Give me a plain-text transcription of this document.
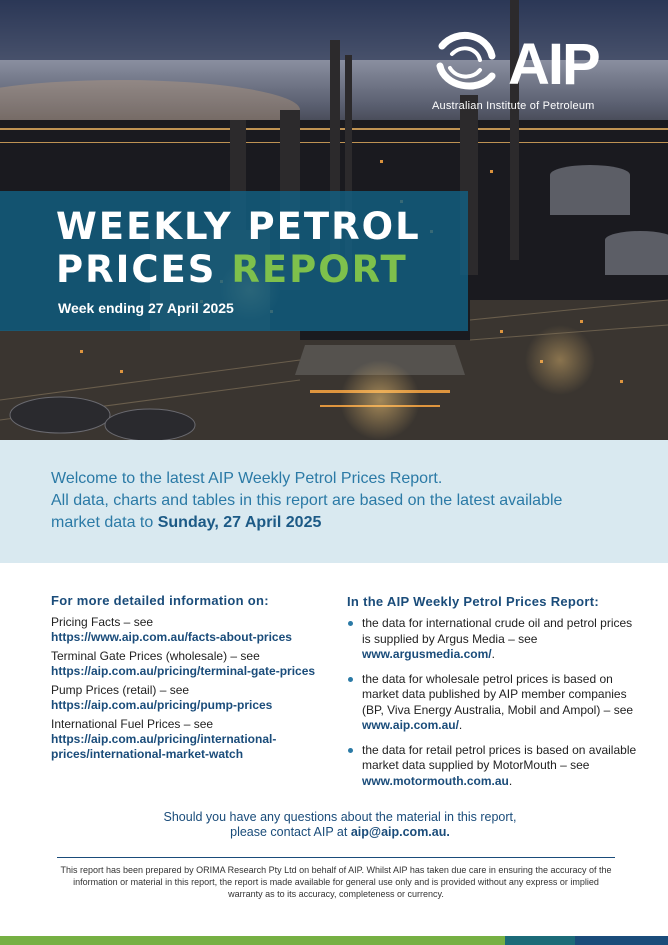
AIP
Australian Institute of Petroleum
WEEKLY PETROL
PRICES REPORT
Week ending 27 April 2025

Welcome to the latest AIP Weekly Petrol Prices Report.
All data, charts and tables in this report are based on the latest available
market data to Sunday, 27 April 2025

For more detailed information on:
Pricing Facts – see
https://www.aip.com.au/facts-about-prices
Terminal Gate Prices (wholesale) – see
https://aip.com.au/pricing/terminal-gate-prices
Pump Prices (retail) – see
https://aip.com.au/pricing/pump-prices
International Fuel Prices – see
https://aip.com.au/pricing/international-prices/international-market-watch
In the AIP Weekly Petrol Prices Report:
the data for international crude oil and petrol prices is supplied by Argus Media – see www.argusmedia.com/.
the data for wholesale petrol prices is based on market data published by AIP member companies (BP, Viva Energy Australia, Mobil and Ampol) – see www.aip.com.au/.
the data for retail petrol prices is based on available market data supplied by MotorMouth – see www.motormouth.com.au.
Should you have any questions about the material in this report,
please contact AIP at aip@aip.com.au.
This report has been prepared by ORIMA Research Pty Ltd on behalf of AIP. Whilst AIP has taken due care in ensuring the accuracy of the information or material in this report, the report is made available for general use only and is provided without any express or implied warranty as to its accuracy, completeness or currency.
